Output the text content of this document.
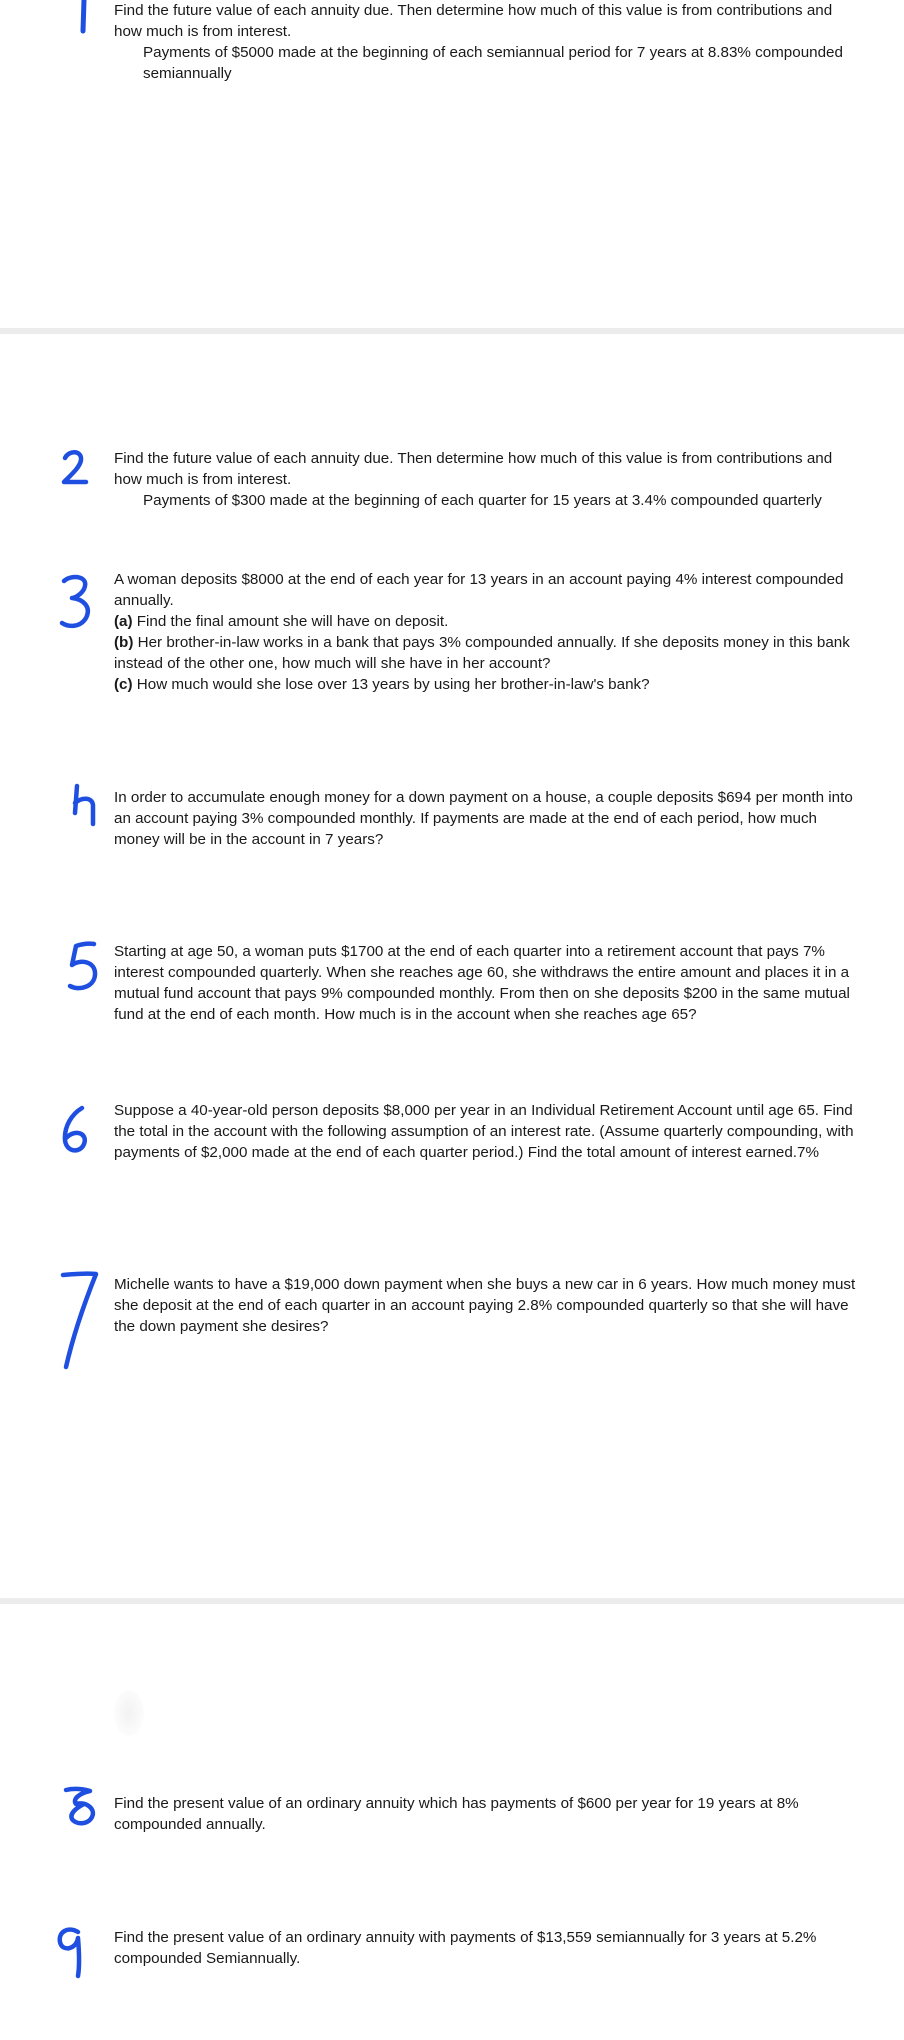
Find the future value of each annuity due. Then determine how much of this value is from contributions and how much is from interest.

Payments of $5000 made at the beginning of each semiannual period for 7 years at 8.83% compounded semiannually

Find the future value of each annuity due. Then determine how much of this value is from contributions and how much is from interest.

Payments of $300 made at the beginning of each quarter for 15 years at 3.4% compounded quarterly

A woman deposits $8000 at the end of each year for 13 years in an account paying 4% interest compounded annually.

(a) Find the final amount she will have on deposit.

(b) Her brother-in-law works in a bank that pays 3% compounded annually. If she deposits money in this bank instead of the other one, how much will she have in her account?

(c) How much would she lose over 13 years by using her brother-in-law's bank?

In order to accumulate enough money for a down payment on a house, a couple deposits $694 per month into an account paying 3% compounded monthly. If payments are made at the end of each period, how much money will be in the account in 7 years?

Starting at age 50, a woman puts $1700 at the end of each quarter into a retirement account that pays 7% interest compounded quarterly. When she reaches age 60, she withdraws the entire amount and places it in a mutual fund account that pays 9% compounded monthly. From then on she deposits $200 in the same mutual fund at the end of each month. How much is in the account when she reaches age 65?

Suppose a 40-year-old person deposits $8,000 per year in an Individual Retirement Account until age 65. Find the total in the account with the following assumption of an interest rate. (Assume quarterly compounding, with payments of $2,000 made at the end of each quarter period.) Find the total amount of interest earned.7%

Michelle wants to have a $19,000 down payment when she buys a new car in 6 years. How much money must she deposit at the end of each quarter in an account paying 2.8% compounded quarterly so that she will have the down payment she desires?

Find the present value of an ordinary annuity which has payments of $600 per year for 19 years at 8% compounded annually.

Find the present value of an ordinary annuity with payments of $13,559 semiannually for 3 years at 5.2% compounded Semiannually.
